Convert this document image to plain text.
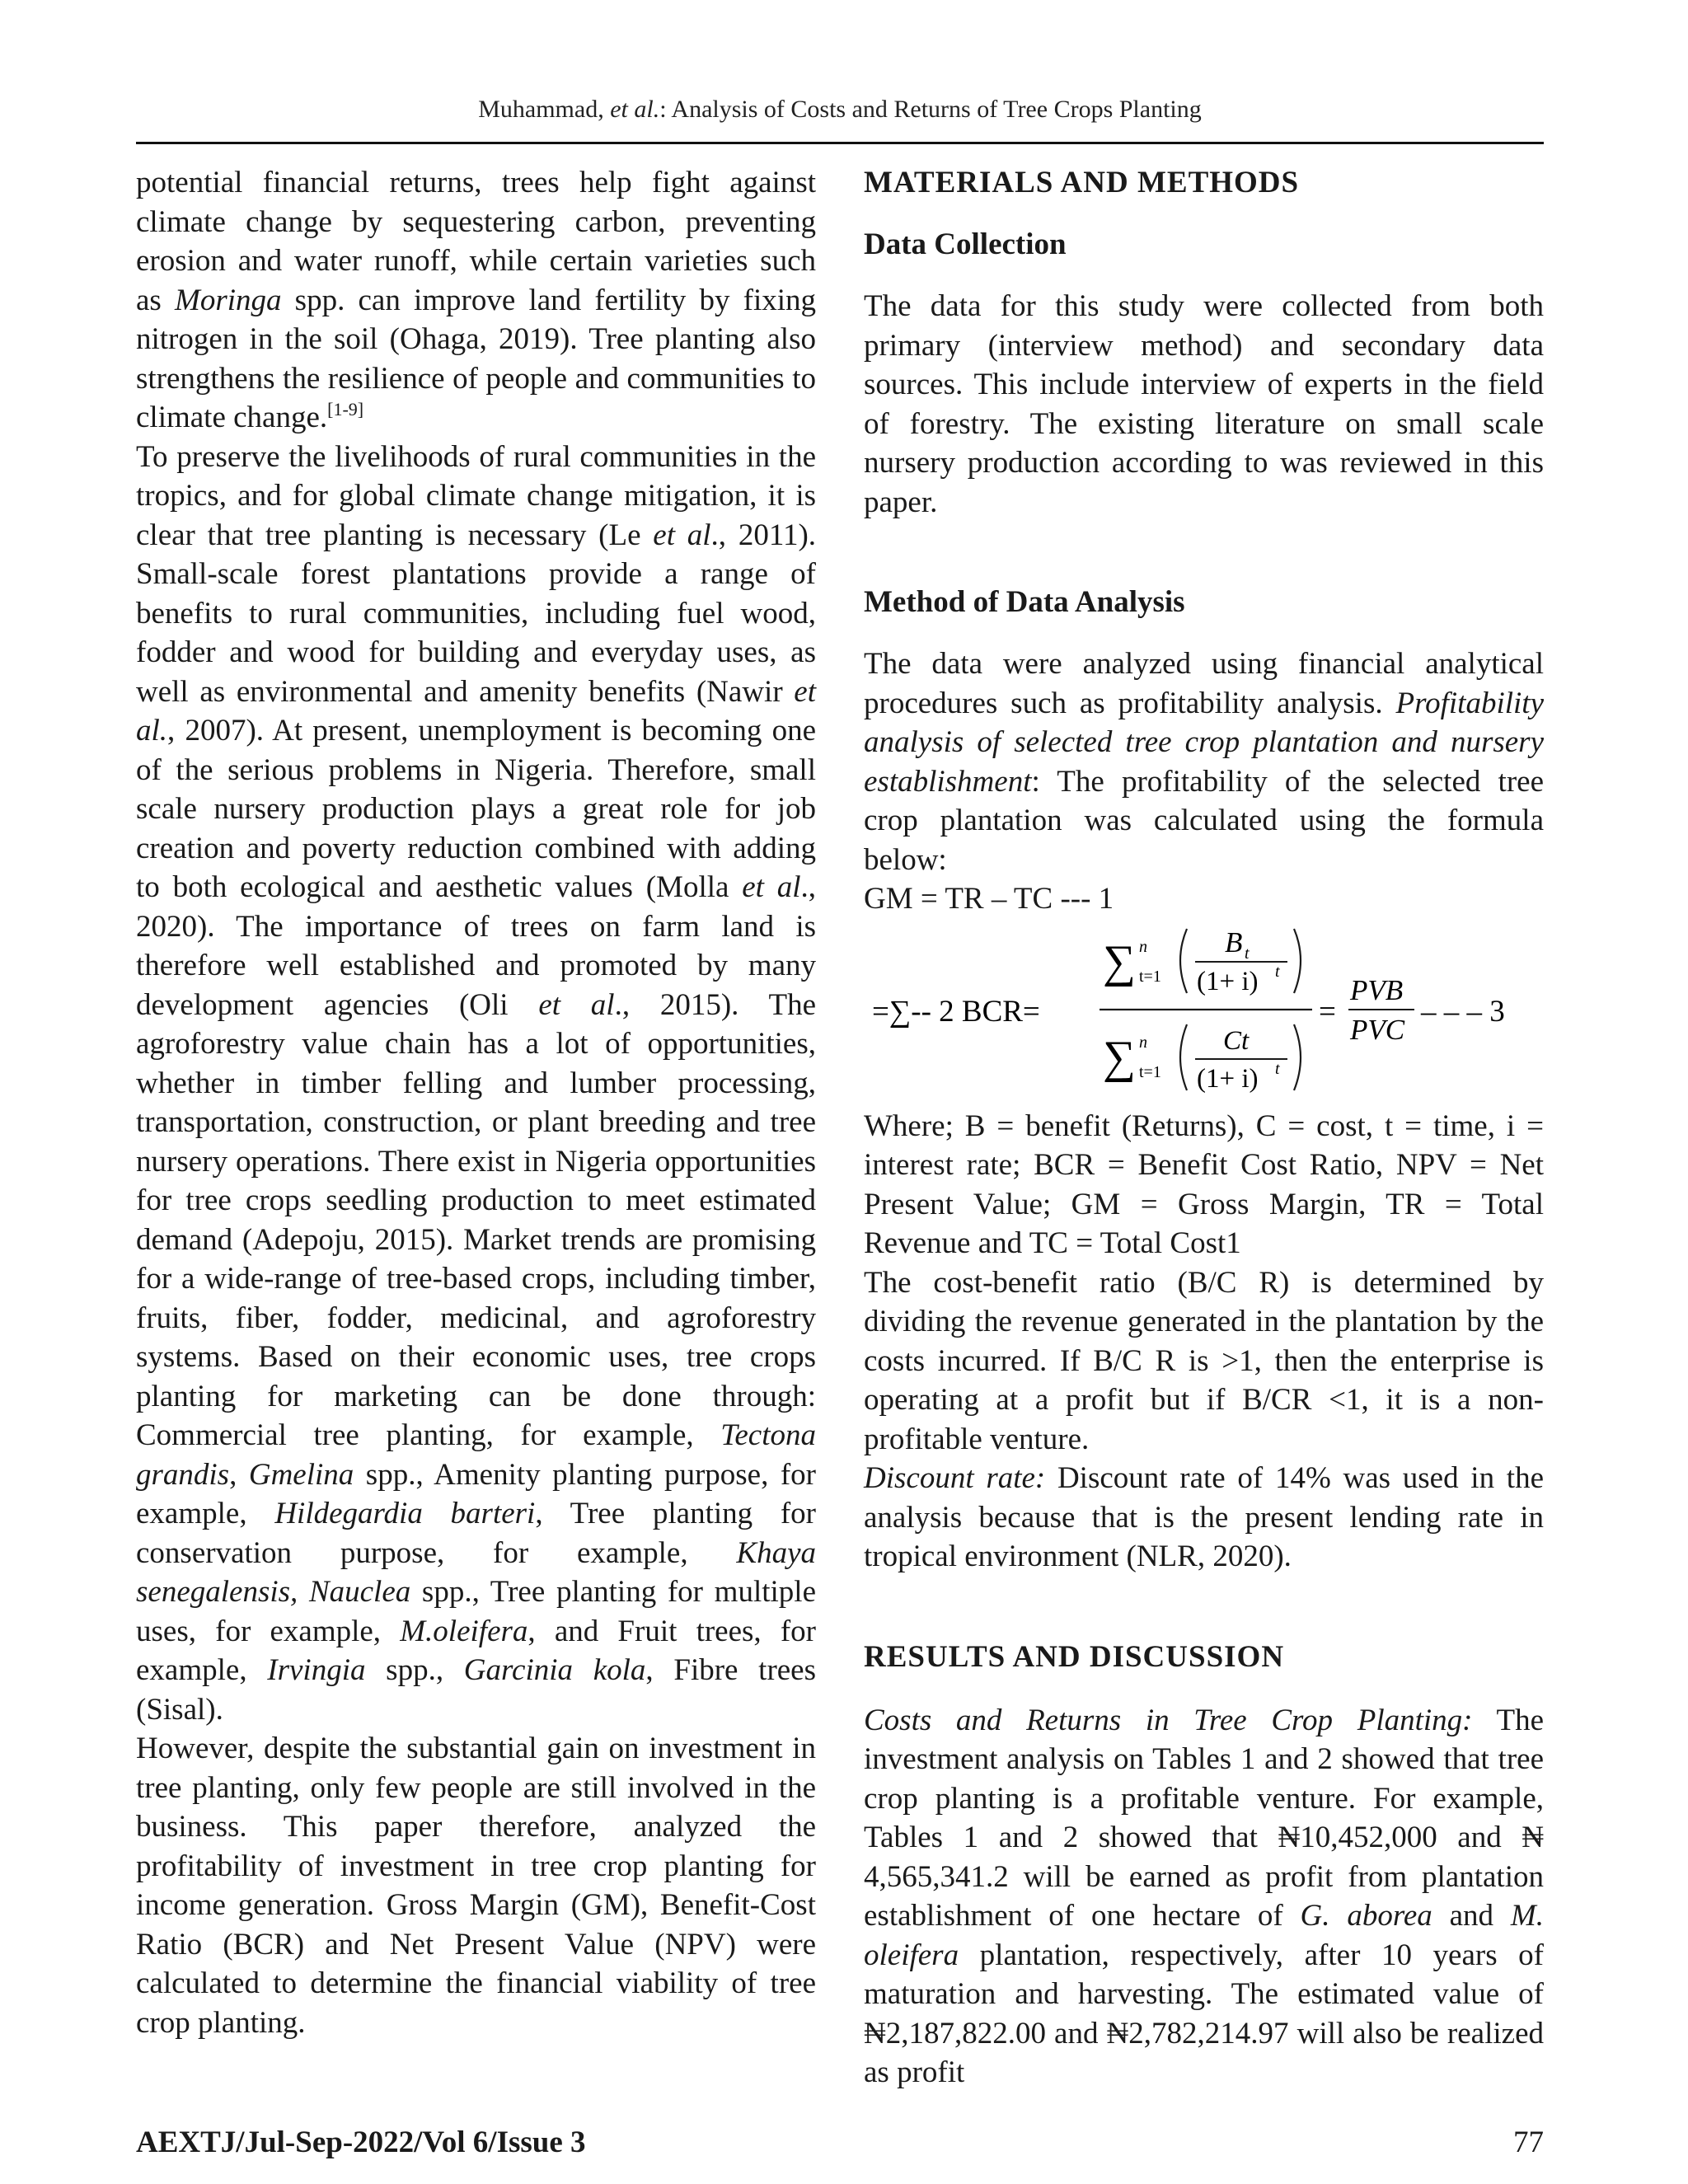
Muhammad, et al.: Analysis of Costs and Returns of Tree Crops Planting

potential financial returns, trees help fight against climate change by sequestering carbon, preventing erosion and water runoff, while certain varieties such as Moringa spp. can improve land fertility by fixing nitrogen in the soil (Ohaga, 2019). Tree planting also strengthens the resilience of people and communities to climate change.[1-9]

To preserve the livelihoods of rural communities in the tropics, and for global climate change mitigation, it is clear that tree planting is necessary (Le et al., 2011). Small-scale forest plantations provide a range of benefits to rural communities, including fuel wood, fodder and wood for building and everyday uses, as well as environmental and amenity benefits (Nawir et al., 2007). At present, unemployment is becoming one of the serious problems in Nigeria. Therefore, small scale nursery production plays a great role for job creation and poverty reduction combined with adding to both ecological and aesthetic values (Molla et al., 2020). The importance of trees on farm land is therefore well established and promoted by many development agencies (Oli et al., 2015). The agroforestry value chain has a lot of opportunities, whether in timber felling and lumber processing, transportation, construction, or plant breeding and tree nursery operations. There exist in Nigeria opportunities for tree crops seedling production to meet estimated demand (Adepoju, 2015). Market trends are promising for a wide-range of tree-based crops, including timber, fruits, fiber, fodder, medicinal, and agroforestry systems. Based on their economic uses, tree crops planting for marketing can be done through: Commercial tree planting, for example, Tectona grandis, Gmelina spp., Amenity planting purpose, for example, Hildegardia barteri, Tree planting for conservation purpose, for example, Khaya senegalensis, Nauclea spp., Tree planting for multiple uses, for example, M.oleifera, and Fruit trees, for example, Irvingia spp., Garcinia kola, Fibre trees (Sisal).

However, despite the substantial gain on investment in tree planting, only few people are still involved in the business. This paper therefore, analyzed the profitability of investment in tree crop planting for income generation. Gross Margin (GM), Benefit-Cost Ratio (BCR) and Net Present Value (NPV) were calculated to determine the financial viability of tree crop planting.

MATERIALS AND METHODS
Data Collection

The data for this study were collected from both primary (interview method) and secondary data sources. This include interview of experts in the field of forestry. The existing literature on small scale nursery production according to was reviewed in this paper.

Method of Data Analysis

The data were analyzed using financial analytical procedures such as profitability analysis. Profitability analysis of selected tree crop plantation and nursery establishment: The profitability of the selected tree crop plantation was calculated using the formula below:

GM = TR – TC --- 1

=∑-- 2 BCR=
∑ n
t=1
B t
(1+ i) t
∑ n
t=1
Ct
(1+ i) t
=
PVB
PVC
– – – 3

Where; B = benefit (Returns), C = cost, t = time, i = interest rate; BCR = Benefit Cost Ratio, NPV = Net Present Value; GM = Gross Margin, TR = Total Revenue and TC = Total Cost1

The cost-benefit ratio (B/C R) is determined by dividing the revenue generated in the plantation by the costs incurred. If B/C R is >1, then the enterprise is operating at a profit but if B/CR <1, it is a non-profitable venture.

Discount rate: Discount rate of 14% was used in the analysis because that is the present lending rate in tropical environment (NLR, 2020).

RESULTS AND DISCUSSION

Costs and Returns in Tree Crop Planting: The investment analysis on Tables 1 and 2 showed that tree crop planting is a profitable venture. For example, Tables 1 and 2 showed that ₦10,452,000 and ₦ 4,565,341.2 will be earned as profit from plantation establishment of one hectare of G. aborea and M. oleifera plantation, respectively, after 10 years of maturation and harvesting. The estimated value of ₦2,187,822.00 and ₦2,782,214.97 will also be realized as profit

AEXTJ/Jul-Sep-2022/Vol 6/Issue 3	77
